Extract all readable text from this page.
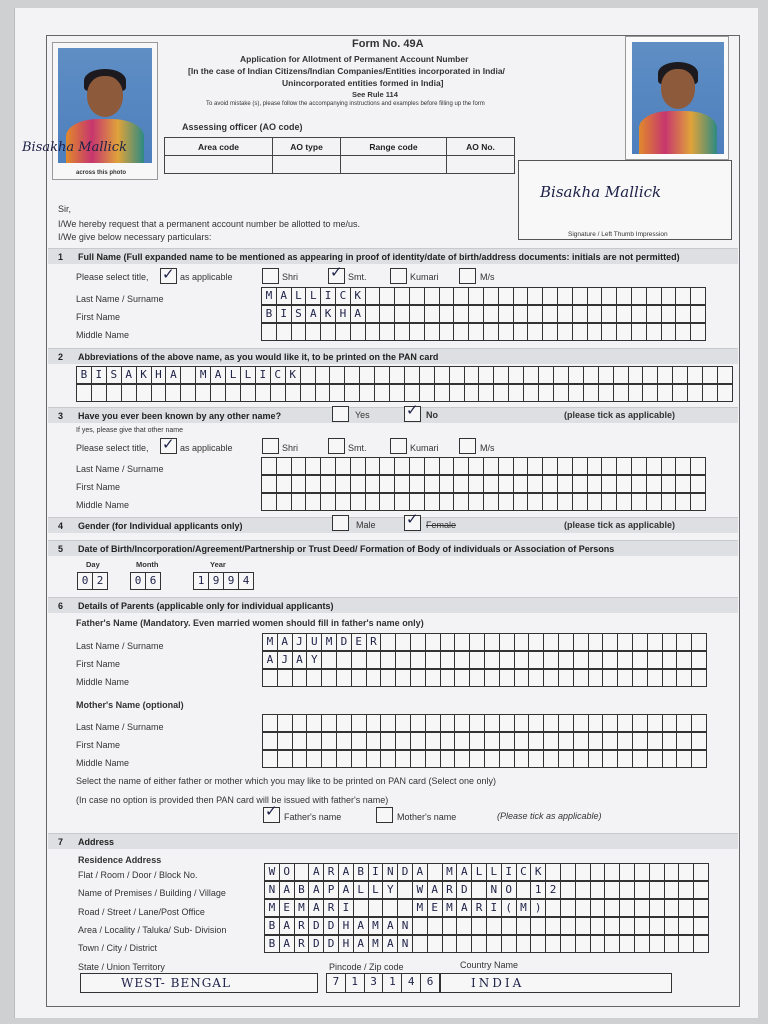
Form No. 49A
Application for Allotment of Permanent Account Number
[In the case of Indian Citizens/Indian Companies/Entities incorporated in India/
Unincorporated entities formed in India]
See Rule 114
To avoid mistake (s), please follow the accompanying instructions and examples before filling up the form
Bisakha Mallick
across this photo
Bisakha Mallick
Signature / Left Thumb Impression
Assessing officer (AO code)
Area code	AO type	Range code	AO No.

Sir,
I/We hereby request that a permanent account number be allotted to me/us.
I/We give below necessary particulars:
1 Full Name (Full expanded name to be mentioned as appearing in proof of identity/date of birth/address documents: initials are not permitted)
Please select title, ✓ as applicable	Shri ✓ Smt.	Kumari	M/s
Last Name / Surname	M A L L I C K
First Name	B I S A K H A
Middle Name
2 Abbreviations of the above name, as you would like it, to be printed on the PAN card
B I S A K H A	M A L L I C K
3 Have you ever been known by any other name?	Yes ✓ No	(please tick as applicable)
If yes, please give that other name
Please select title, ✓ as applicable	Shri	Smt.	Kumari	M/s
Last Name / Surname
First Name
Middle Name
4 Gender (for Individual applicants only)	Male ✓ Female	(please tick as applicable)
5 Date of Birth/Incorporation/Agreement/Partnership or Trust Deed/ Formation of Body of individuals or Association of Persons
Day	Month	Year
0 2	0 6	1 9 9 4
6 Details of Parents (applicable only for individual applicants)
Father's Name (Mandatory. Even married women should fill in father's name only)
Last Name / Surname	M A J U M D E R
First Name	A J A Y
Middle Name
Mother's Name (optional)
Last Name / Surname
First Name
Middle Name
Select the name of either father or mother which you may like to be printed on PAN card (Select one only)
(In case no option is provided then PAN card will be issued with father's name)
✓ Father's name	Mother's name	(Please tick as applicable)
7 Address
Residence Address
Flat / Room / Door / Block No.	W O	A R A B I N D A	M A L L I C K
Name of Premises / Building / Village	N A B A P A L L Y	W A R D	N O	1 2
Road / Street / Lane/Post Office	M E M A R I	M E M A R I ( M )
Area / Locality / Taluka/ Sub- Division	B A R D D H A M A N
Town / City / District	B A R D D H A M A N
State / Union Territory	Pincode / Zip code	Country Name
WEST- BENGAL	7	1	3	1	4	6	INDIA
